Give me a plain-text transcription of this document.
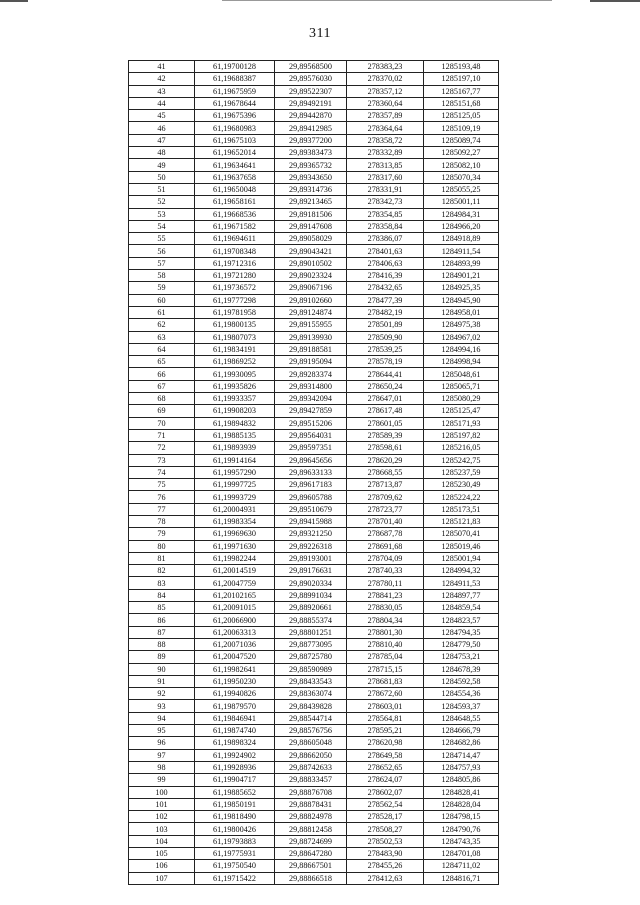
311
41	61,19700128	29,89568500	278383,23	1285193,48
42	61,19688387	29,89576030	278370,02	1285197,10
43	61,19675959	29,89522307	278357,12	1285167,77
44	61,19678644	29,89492191	278360,64	1285151,68
45	61,19675396	29,89442870	278357,89	1285125,05
46	61,19680983	29,89412985	278364,64	1285109,19
47	61,19675103	29,89377200	278358,72	1285089,74
48	61,19652014	29,89383473	278332,89	1285092,27
49	61,19634641	29,89365732	278313,85	1285082,10
50	61,19637658	29,89343650	278317,60	1285070,34
51	61,19650048	29,89314736	278331,91	1285055,25
52	61,19658161	29,89213465	278342,73	1285001,11
53	61,19668536	29,89181506	278354,85	1284984,31
54	61,19671582	29,89147608	278358,84	1284966,20
55	61,19694611	29,89058029	278386,07	1284918,89
56	61,19708348	29,89043421	278401,63	1284911,54
57	61,19712316	29,89010502	278406,63	1284893,99
58	61,19721280	29,89023324	278416,39	1284901,21
59	61,19736572	29,89067196	278432,65	1284925,35
60	61,19777298	29,89102660	278477,39	1284945,90
61	61,19781958	29,89124874	278482,19	1284958,01
62	61,19800135	29,89155955	278501,89	1284975,38
63	61,19807073	29,89139930	278509,90	1284967,02
64	61,19834191	29,89188581	278539,25	1284994,16
65	61,19869252	29,89195094	278578,19	1284998,94
66	61,19930095	29,89283374	278644,41	1285048,61
67	61,19935826	29,89314800	278650,24	1285065,71
68	61,19933357	29,89342094	278647,01	1285080,29
69	61,19908203	29,89427859	278617,48	1285125,47
70	61,19894832	29,89515206	278601,05	1285171,93
71	61,19885135	29,89564031	278589,39	1285197,82
72	61,19893939	29,89597351	278598,61	1285216,05
73	61,19914164	29,89645656	278620,29	1285242,75
74	61,19957290	29,89633133	278668,55	1285237,59
75	61,19997725	29,89617183	278713,87	1285230,49
76	61,19993729	29,89605788	278709,62	1285224,22
77	61,20004931	29,89510679	278723,77	1285173,51
78	61,19983354	29,89415988	278701,40	1285121,83
79	61,19969630	29,89321250	278687,78	1285070,41
80	61,19971630	29,89226318	278691,68	1285019,46
81	61,19982244	29,89193001	278704,09	1285001,94
82	61,20014519	29,89176631	278740,33	1284994,32
83	61,20047759	29,89020334	278780,11	1284911,53
84	61,20102165	29,88991034	278841,23	1284897,77
85	61,20091015	29,88920661	278830,05	1284859,54
86	61,20066900	29,88855374	278804,34	1284823,57
87	61,20063313	29,88801251	278801,30	1284794,35
88	61,20071036	29,88773095	278810,40	1284779,50
89	61,20047520	29,88725780	278785,04	1284753,21
90	61,19982641	29,88590989	278715,15	1284678,39
91	61,19950230	29,88433543	278681,83	1284592,58
92	61,19940826	29,88363074	278672,60	1284554,36
93	61,19879570	29,88439828	278603,01	1284593,37
94	61,19846941	29,88544714	278564,81	1284648,55
95	61,19874740	29,88576756	278595,21	1284666,79
96	61,19898324	29,88605048	278620,98	1284682,86
97	61,19924902	29,88662050	278649,58	1284714,47
98	61,19928936	29,88742633	278652,65	1284757,93
99	61,19904717	29,88833457	278624,07	1284805,86
100	61,19885652	29,88876708	278602,07	1284828,41
101	61,19850191	29,88878431	278562,54	1284828,04
102	61,19818490	29,88824978	278528,17	1284798,15
103	61,19800426	29,88812458	278508,27	1284790,76
104	61,19793883	29,88724699	278502,53	1284743,35
105	61,19775931	29,88647280	278483,90	1284701,08
106	61,19750540	29,88667501	278455,26	1284711,02
107	61,19715422	29,88866518	278412,63	1284816,71
